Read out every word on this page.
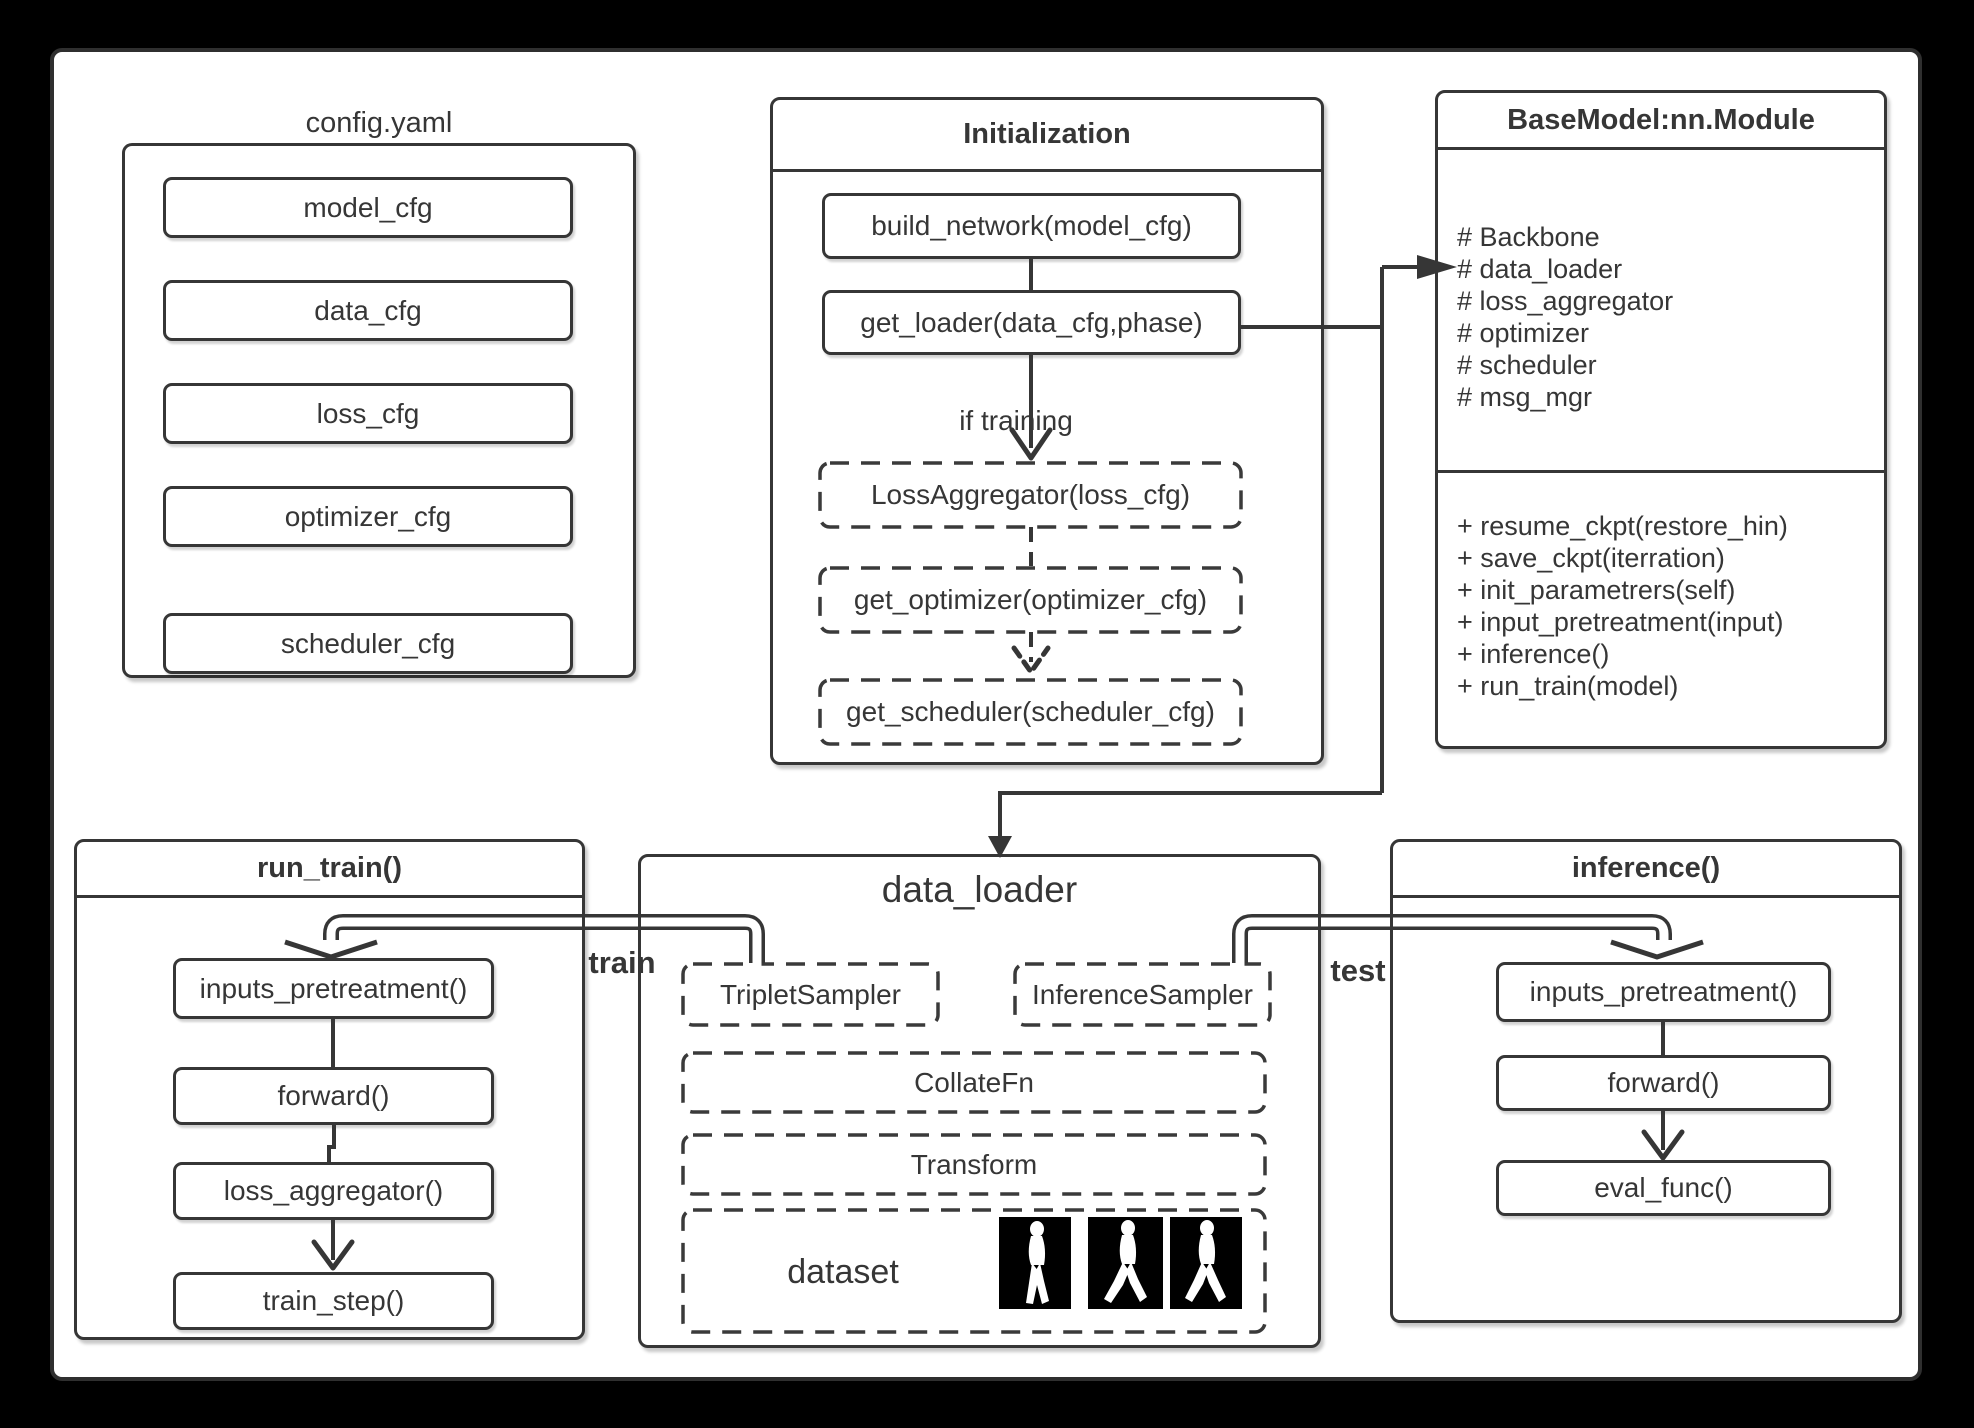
config.yaml
model_cfg
data_cfg
loss_cfg
optimizer_cfg
scheduler_cfg
Initialization
build_network(model_cfg)
get_loader(data_cfg,phase)
if training
LossAggregator(loss_cfg)
get_optimizer(optimizer_cfg)
get_scheduler(scheduler_cfg)
BaseModel:nn.Module
# Backbone
# data_loader
# loss_aggregator
# optimizer
# scheduler
# msg_mgr
+ resume_ckpt(restore_hin)
+ save_ckpt(iterration)
+ init_parametrers(self)
+ input_pretreatment(input)
+ inference()
+ run_train(model)
run_train()
inputs_pretreatment()
forward()
loss_aggregator()
train_step()
data_loader
TripletSampler	InferenceSampler
CollateFn
Transform
dataset
inference()
inputs_pretreatment()
forward()
eval_func()
train	test
